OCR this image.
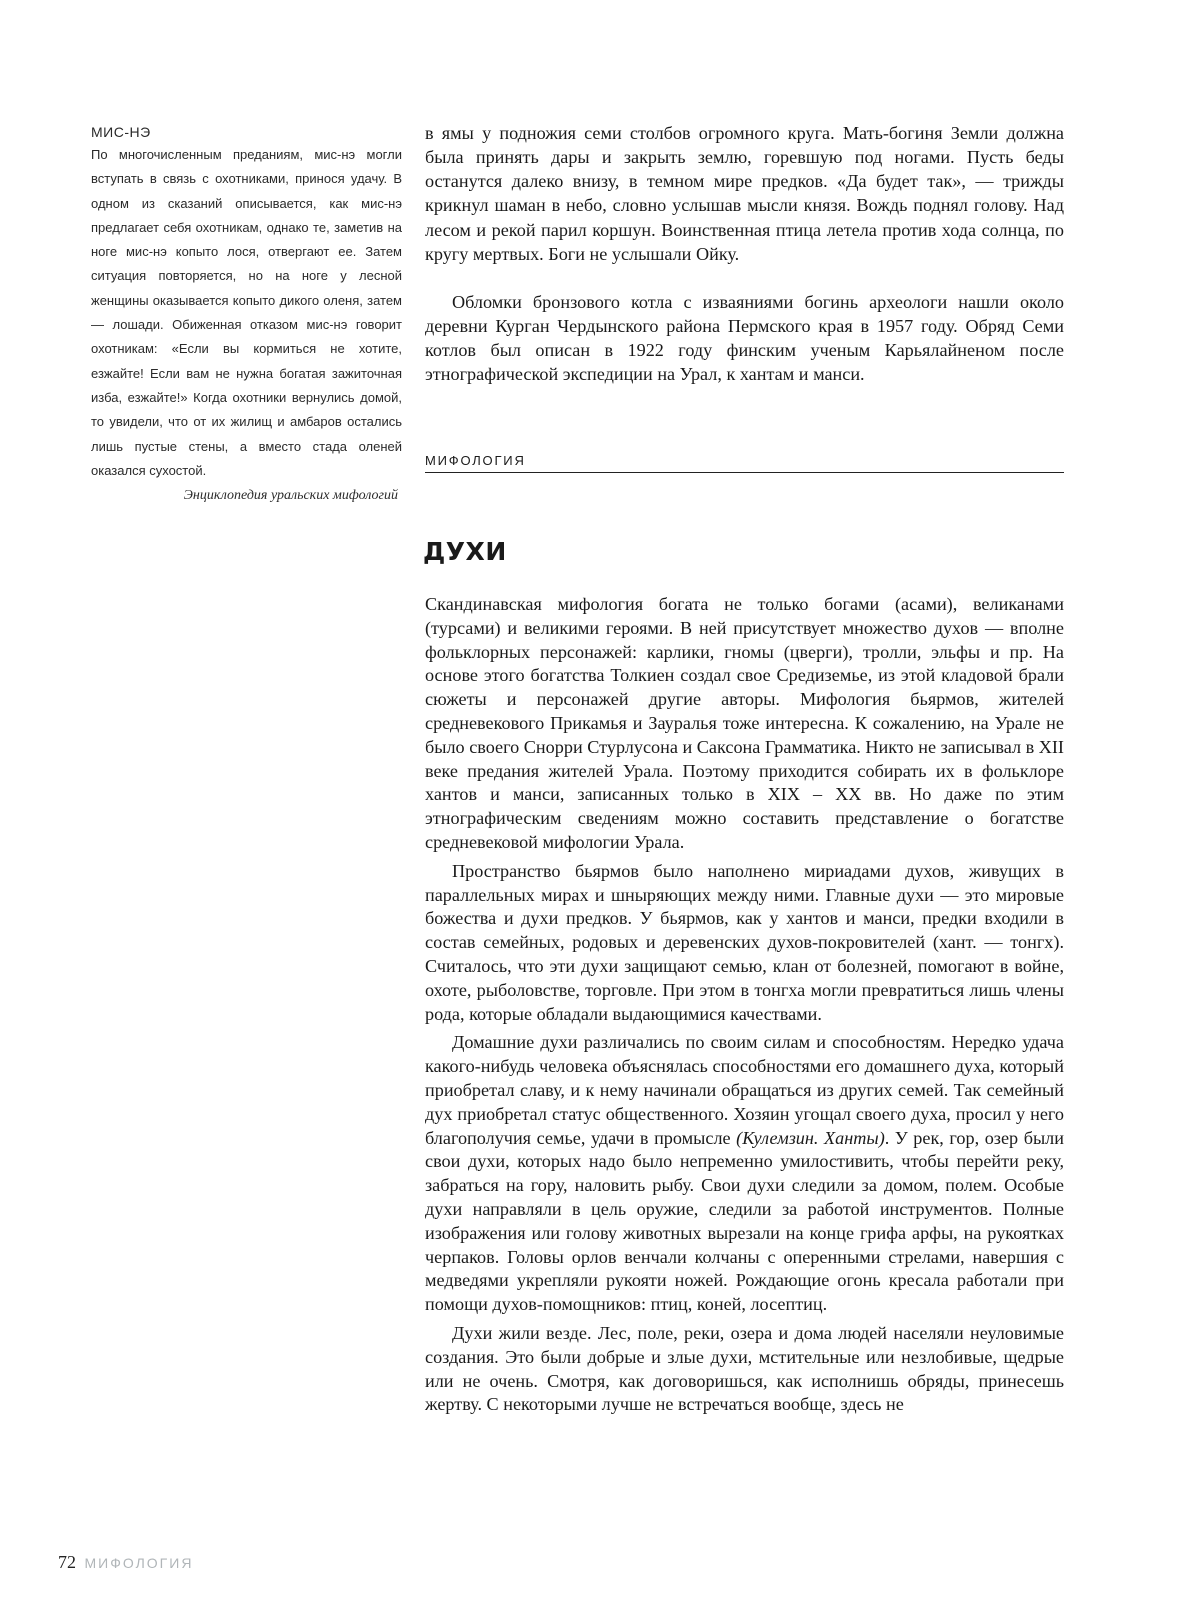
МИС-НЭ
По многочисленным преданиям, мис-нэ могли вступать в связь с охотниками, принося удачу. В одном из сказаний описывается, как мис-нэ предлагает себя охотникам, однако те, заметив на ноге мис-нэ копыто лося, отвергают ее. Затем ситуация повторяется, но на ноге у лесной женщины оказывается копыто дикого оленя, затем — лошади. Обиженная отказом мис-нэ говорит охотникам: «Если вы кормиться не хотите, езжайте! Если вам не нужна богатая зажиточная изба, езжайте!» Когда охотники вернулись домой, то увидели, что от их жилищ и амбаров остались лишь пустые стены, а вместо стада оленей оказался сухостой.
Энциклопедия уральских мифологий

в ямы у подножия семи столбов огромного круга. Мать-богиня Земли должна была принять дары и закрыть землю, горевшую под ногами. Пусть беды останутся далеко внизу, в темном мире предков. «Да будет так», — трижды крикнул шаман в небо, словно услышав мысли князя. Вождь поднял голову. Над лесом и рекой парил коршун. Воинственная птица летела против хода солнца, по кругу мертвых. Боги не услышали Ойку.

Обломки бронзового котла с изваяниями богинь археологи нашли около деревни Курган Чердынского района Пермского края в 1957 году. Обряд Семи котлов был описан в 1922 году финским ученым Карьялайненом после этнографической экспедиции на Урал, к хантам и манси.

МИФОЛОГИЯ
ДУХИ

Скандинавская мифология богата не только богами (асами), великанами (турсами) и великими героями. В ней присутствует множество духов — вполне фольклорных персонажей: карлики, гномы (цверги), тролли, эльфы и пр. На основе этого богатства Толкиен создал свое Средиземье, из этой кладовой брали сюжеты и персонажей другие авторы. Мифология бьярмов, жителей средневекового Прикамья и Зауралья тоже интересна. К сожалению, на Урале не было своего Снорри Стурлусона и Саксона Грамматика. Никто не записывал в XII веке предания жителей Урала. Поэтому приходится собирать их в фольклоре хантов и манси, записанных только в XIX – XX вв. Но даже по этим этнографическим сведениям можно составить представление о богатстве средневековой мифологии Урала.

Пространство бьярмов было наполнено мириадами духов, живущих в параллельных мирах и шныряющих между ними. Главные духи — это мировые божества и духи предков. У бьярмов, как у хантов и манси, предки входили в состав семейных, родовых и деревенских духов-покровителей (хант. — тонгх). Считалось, что эти духи защищают семью, клан от болезней, помогают в войне, охоте, рыболовстве, торговле. При этом в тонгха могли превратиться лишь члены рода, которые обладали выдающимися качествами.

Домашние духи различались по своим силам и способностям. Нередко удача какого-нибудь человека объяснялась способностями его домашнего духа, который приобретал славу, и к нему начинали обращаться из других семей. Так семейный дух приобретал статус общественного. Хозяин угощал своего духа, просил у него благополучия семье, удачи в промысле (Кулемзин. Ханты). У рек, гор, озер были свои духи, которых надо было непременно умилостивить, чтобы перейти реку, забраться на гору, наловить рыбу. Свои духи следили за домом, полем. Особые духи направляли в цель оружие, следили за работой инструментов. Полные изображения или голову животных вырезали на конце грифа арфы, на рукоятках черпаков. Головы орлов венчали колчаны с оперенными стрелами, навершия с медведями укрепляли рукояти ножей. Рождающие огонь кресала работали при помощи духов-помощников: птиц, коней, лосептиц.

Духи жили везде. Лес, поле, реки, озера и дома людей населяли неуловимые создания. Это были добрые и злые духи, мстительные или незлобивые, щедрые или не очень. Смотря, как договоришься, как исполнишь обряды, принесешь жертву. С некоторыми лучше не встречаться вообще, здесь не

72 МИФОЛОГИЯ
